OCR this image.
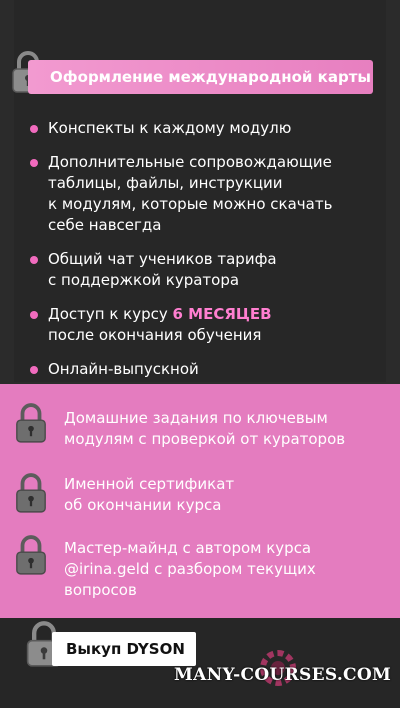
Оформление международной карты
Конспекты к каждому модулю
Дополнительные сопровождающие
таблицы, файлы, инструкции
к модулям, которые можно скачать
себе навсегда
Общий чат учеников тарифа
с поддержкой куратора
Доступ к курсу 6 МЕСЯЦЕВ
после окончания обучения
Онлайн-выпускной
Домашние задания по ключевым
модулям с проверкой от кураторов
Именной сертификат
об окончании курса
Мастер-майнд с автором курса
@irina.geld с разбором текущих
вопросов
Выкуп DYSON
MANY-COURSES.COM
